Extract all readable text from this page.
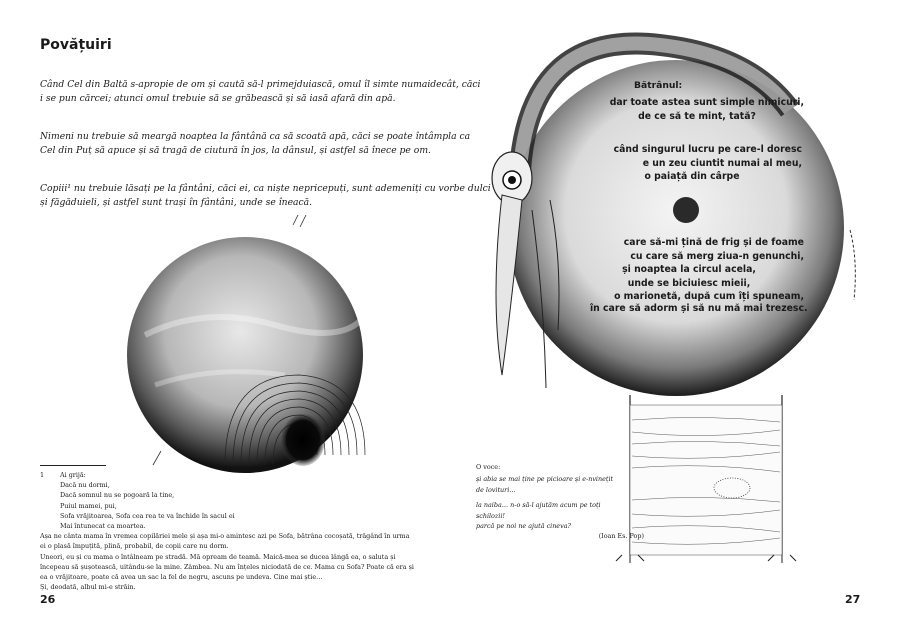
Povățuiri

Când Cel din Baltă s-apropie de om și caută să-l primejduiască, omul îl simte numaidecât, căci
i se pun cărcei; atunci omul trebuie să se grăbească și să iasă afară din apă.

Nimeni nu trebuie să meargă noaptea la fântână ca să scoată apă, căci se poate întâmpla ca
Cel din Puț să apuce și să tragă de ciutură în jos, la dânsul, și astfel să înece pe om.

Copiii¹ nu trebuie lăsați pe la fântâni, căci ei, ca niște nepricepuți, sunt ademeniți cu vorbe dulci
și făgăduieli, și astfel sunt trași în fântâni, unde se îneacă.

1 Ai grijă:
Dacă nu dormi,
Dacă somnul nu se pogoară la tine,
Puiul mamei, pui,
Sofa vrăjitoarea, Sofa cea rea te va închide în sacul ei
Mai întunecat ca moartea.
Așa ne cânta mama în vremea copilăriei mele și așa mi-o amintesc azi pe Sofa, bătrâna cocoșată, trăgând în urma
ei o plasă împuțită, plină, probabil, de copii care nu dorm.
Uneori, eu și cu mama o întâlneam pe stradă. Mă opream de teamă. Maică-mea se ducea lângă ea, o saluta și
începeau să șușotească, uitându-se la mine. Zâmbea. Nu am înțeles niciodată de ce. Mama cu Sofa? Poate că era și
ea o vrăjitoare, poate că avea un sac la fel de negru, ascuns pe undeva. Cine mai știe…
Și, deodată, albul mi-e străin.
26
Bătrânul:
dar toate astea sunt simple nimicuri,
de ce să te mint, tată?
când singurul lucru pe care-l doresc
e un zeu ciuntit numai al meu,
o paiață din cârpe
care să-mi țină de frig și de foame
cu care să merg ziua-n genunchi,
și noaptea la circul acela,
unde se biciuiesc mieii,
o marionetă, după cum îți spuneam,
în care să adorm și să nu mă mai trezesc.
O voce:
și abia se mai ține pe picioare și e-nvinețit
de lovituri…
la naiba… n-o să-l ajutăm acum pe toți
schilozii!
parcă pe noi ne ajută cineva?
(Ioan Es. Pop)
27
